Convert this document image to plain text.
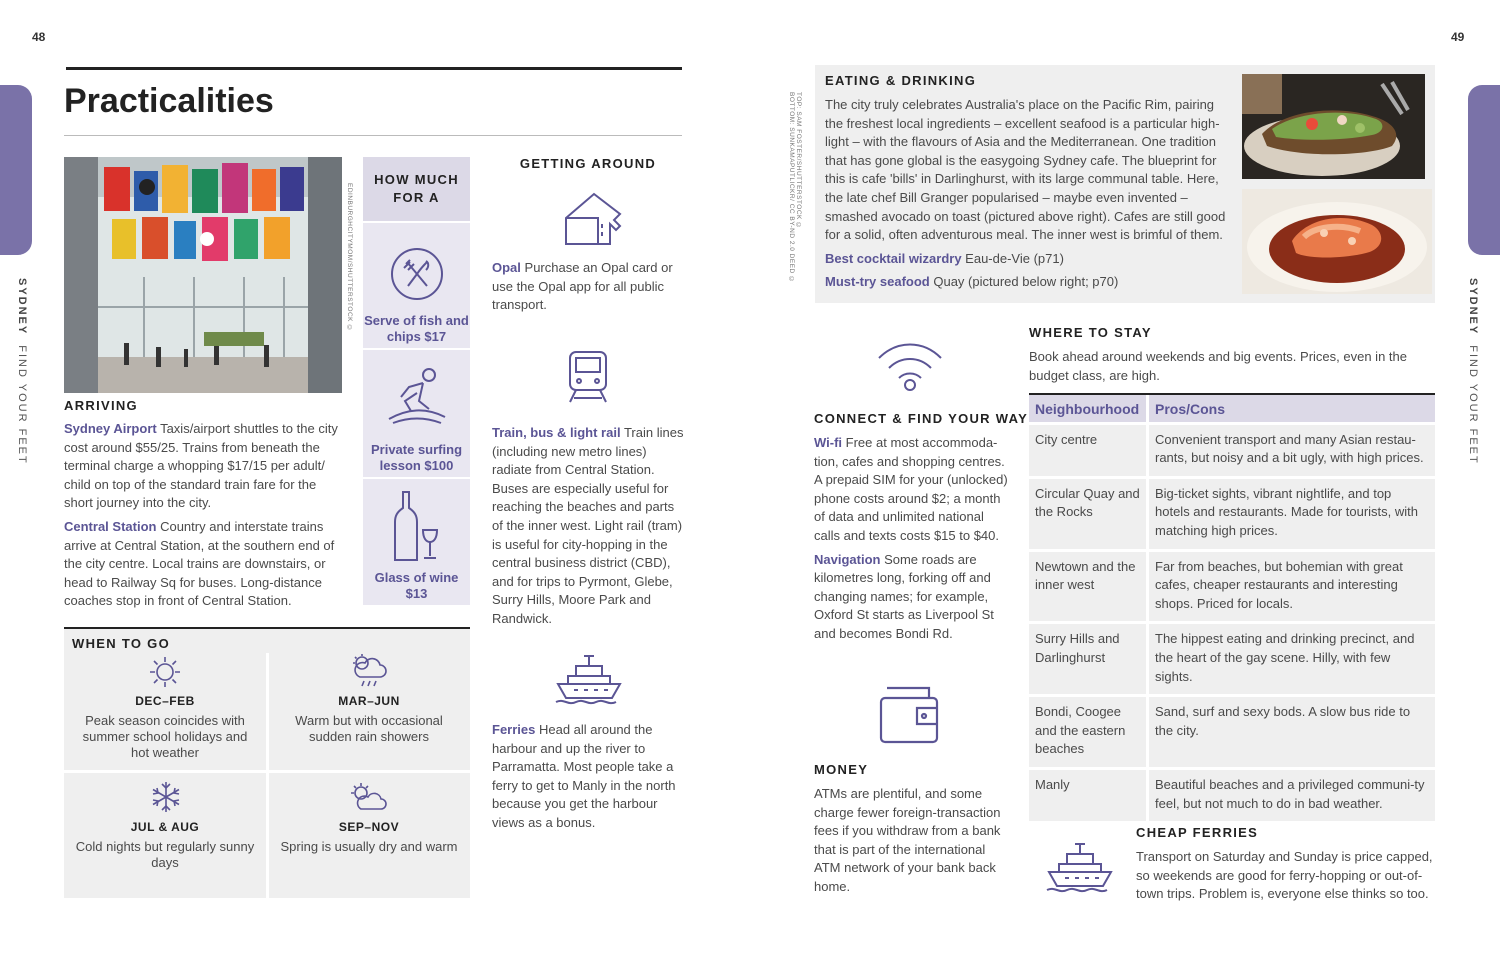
48
SYDNEYFIND YOUR FEET
Practicalities
EDINBURGHCITYMOM/SHUTTERSTOCK ©
ARRIVING

Sydney Airport Taxis/airport shuttles to the city cost around $55/25. Trains from beneath the terminal charge a whopping $17/15 per adult/ child on top of the standard train fare for the short journey into the city.

Central Station Country and interstate trains arrive at Central Station, at the southern end of the city centre. Local trains are downstairs, or head to Railway Sq for buses. Long-distance coaches stop in front of Central Station.

HOW MUCH FOR A
Serve of fish and chips $17
Private surfing lesson $100
Glass of wine $13
GETTING AROUND
Opal Purchase an Opal card or use the Opal app for all public transport.
Train, bus & light rail Train lines (including new metro lines) radiate from Central Station. Buses are especially useful for reaching the beaches and parts of the inner west. Light rail (tram) is useful for city-hopping in the central business district (CBD), and for trips to Pyrmont, Glebe, Surry Hills, Moore Park and Randwick.
Ferries Head all around the harbour and up the river to Parramatta. Most people take a ferry to get to Manly in the north because you get the harbour views as a bonus.
WHEN TO GO
DEC–FEB
Peak season coincides with summer school holidays and hot weather
MAR–JUN
Warm but with occasional sudden rain showers
JUL & AUG
Cold nights but regularly sunny days
SEP–NOV
Spring is usually dry and warm
49
SYDNEYFIND YOUR FEET
TOP: SAM FOSTER/SHUTTERSTOCK ©
BOTTOM: SUNKAMAPUTLICKR/ CC BY-ND 2.0 DEED ©
EATING & DRINKING

The city truly celebrates Australia's place on the Pacific Rim, pairing the freshest local ingredients – excellent seafood is a particular high-light – with the flavours of Asia and the Mediterranean. One tradition that has gone global is the easygoing Sydney cafe. The blueprint for this is cafe 'bills' in Darlinghurst, with its large communal table. Here, the late chef Bill Granger popularised – maybe even invented – smashed avocado on toast (pictured above right). Cafes are still good for a solid, often adventurous meal. The inner west is brimful of them.

Best cocktail wizardry Eau-de-Vie (p71)

Must-try seafood Quay (pictured below right; p70)

CONNECT & FIND YOUR WAY

Wi-fi Free at most accommoda-tion, cafes and shopping centres. A prepaid SIM for your (unlocked) phone costs around $2; a month of data and unlimited national calls and texts costs $15 to $40.

Navigation Some roads are kilometres long, forking off and changing names; for example, Oxford St starts as Liverpool St and becomes Bondi Rd.

MONEY
ATMs are plentiful, and some charge fewer foreign-transaction fees if you withdraw from a bank that is part of the international ATM network of your bank back home.
WHERE TO STAY
Book ahead around weekends and big events. Prices, even in the budget class, are high.
Neighbourhood	Pros/Cons
City centre	Convenient transport and many Asian restau-rants, but noisy and a bit ugly, with high prices.
Circular Quay and the Rocks	Big-ticket sights, vibrant nightlife, and top hotels and restaurants. Made for tourists, with matching high prices.
Newtown and the inner west	Far from beaches, but bohemian with great cafes, cheaper restaurants and interesting shops. Priced for locals.
Surry Hills and Darlinghurst	The hippest eating and drinking precinct, and the heart of the gay scene. Hilly, with few sights.
Bondi, Coogee and the eastern beaches	Sand, surf and sexy bods. A slow bus ride to the city.
Manly	Beautiful beaches and a privileged communi-ty feel, but not much to do in bad weather.
CHEAP FERRIES
Transport on Saturday and Sunday is price capped, so weekends are good for ferry-hopping or out-of-town trips. Problem is, everyone else thinks so too.
